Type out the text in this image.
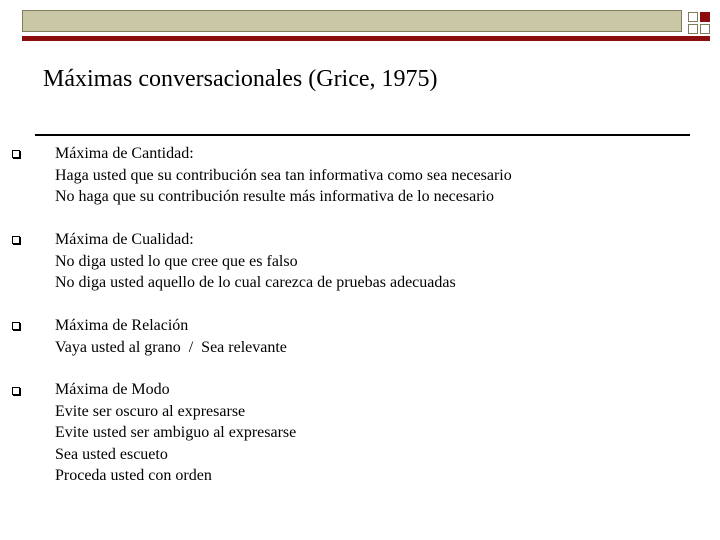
Máximas conversacionales (Grice, 1975)
Máxima de Cantidad:
Haga usted que su contribución sea tan informativa como sea necesario
No haga que su contribución resulte más informativa de lo necesario
Máxima de Cualidad:
No diga usted lo que cree que es falso
No diga usted aquello de lo cual carezca de pruebas adecuadas
Máxima de Relación
Vaya usted al grano  /  Sea relevante
Máxima de Modo
Evite ser oscuro al expresarse
Evite usted ser ambiguo al expresarse
Sea usted escueto
Proceda usted con orden
